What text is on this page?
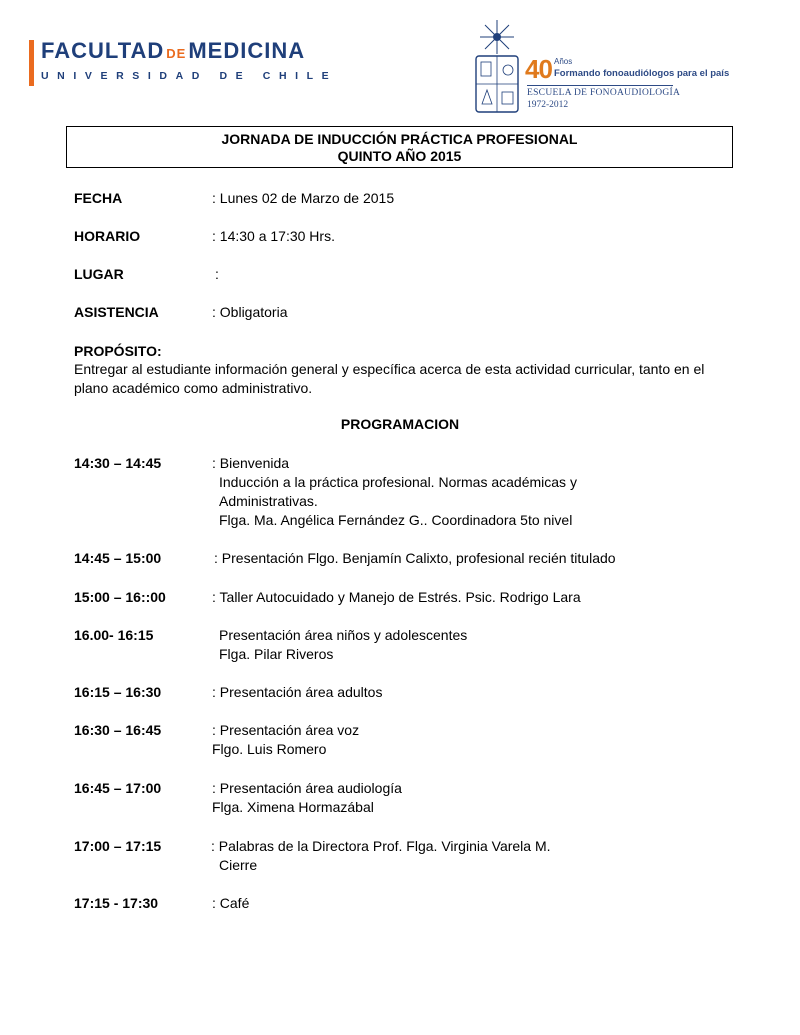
FACULTAD DEMEDICINA
UNIVERSIDAD DE CHILE	40 Años
Formando fonoaudiólogos para el país
ESCUELA DE FONOAUDIOLOGÍA
1972-2012
JORNADA DE INDUCCIÓN PRÁCTICA PROFESIONAL
QUINTO AÑO 2015
FECHA	: Lunes 02 de Marzo de 2015
HORARIO	: 14:30 a 17:30 Hrs.
LUGAR	:
ASISTENCIA	: Obligatoria
PROPÓSITO:
Entregar al estudiante información general y específica acerca de esta actividad curricular, tanto en el
plano académico como administrativo.
PROGRAMACION
14:30 – 14:45	: Bienvenida
Inducción a la práctica profesional. Normas académicas y
Administrativas.
Flga. Ma. Angélica Fernández G.. Coordinadora 5to nivel
14:45 – 15:00	: Presentación Flgo. Benjamín Calixto, profesional recién titulado
15:00 – 16::00	: Taller Autocuidado y Manejo de Estrés. Psic. Rodrigo Lara
16.00- 16:15	Presentación área niños y adolescentes
Flga. Pilar Riveros
16:15 – 16:30	: Presentación área adultos
16:30 – 16:45	: Presentación área voz
Flgo. Luis Romero
16:45 – 17:00	: Presentación área audiología
Flga. Ximena Hormazábal
17:00 – 17:15	: Palabras de la Directora Prof. Flga. Virginia Varela M.
Cierre
17:15 - 17:30	: Café
